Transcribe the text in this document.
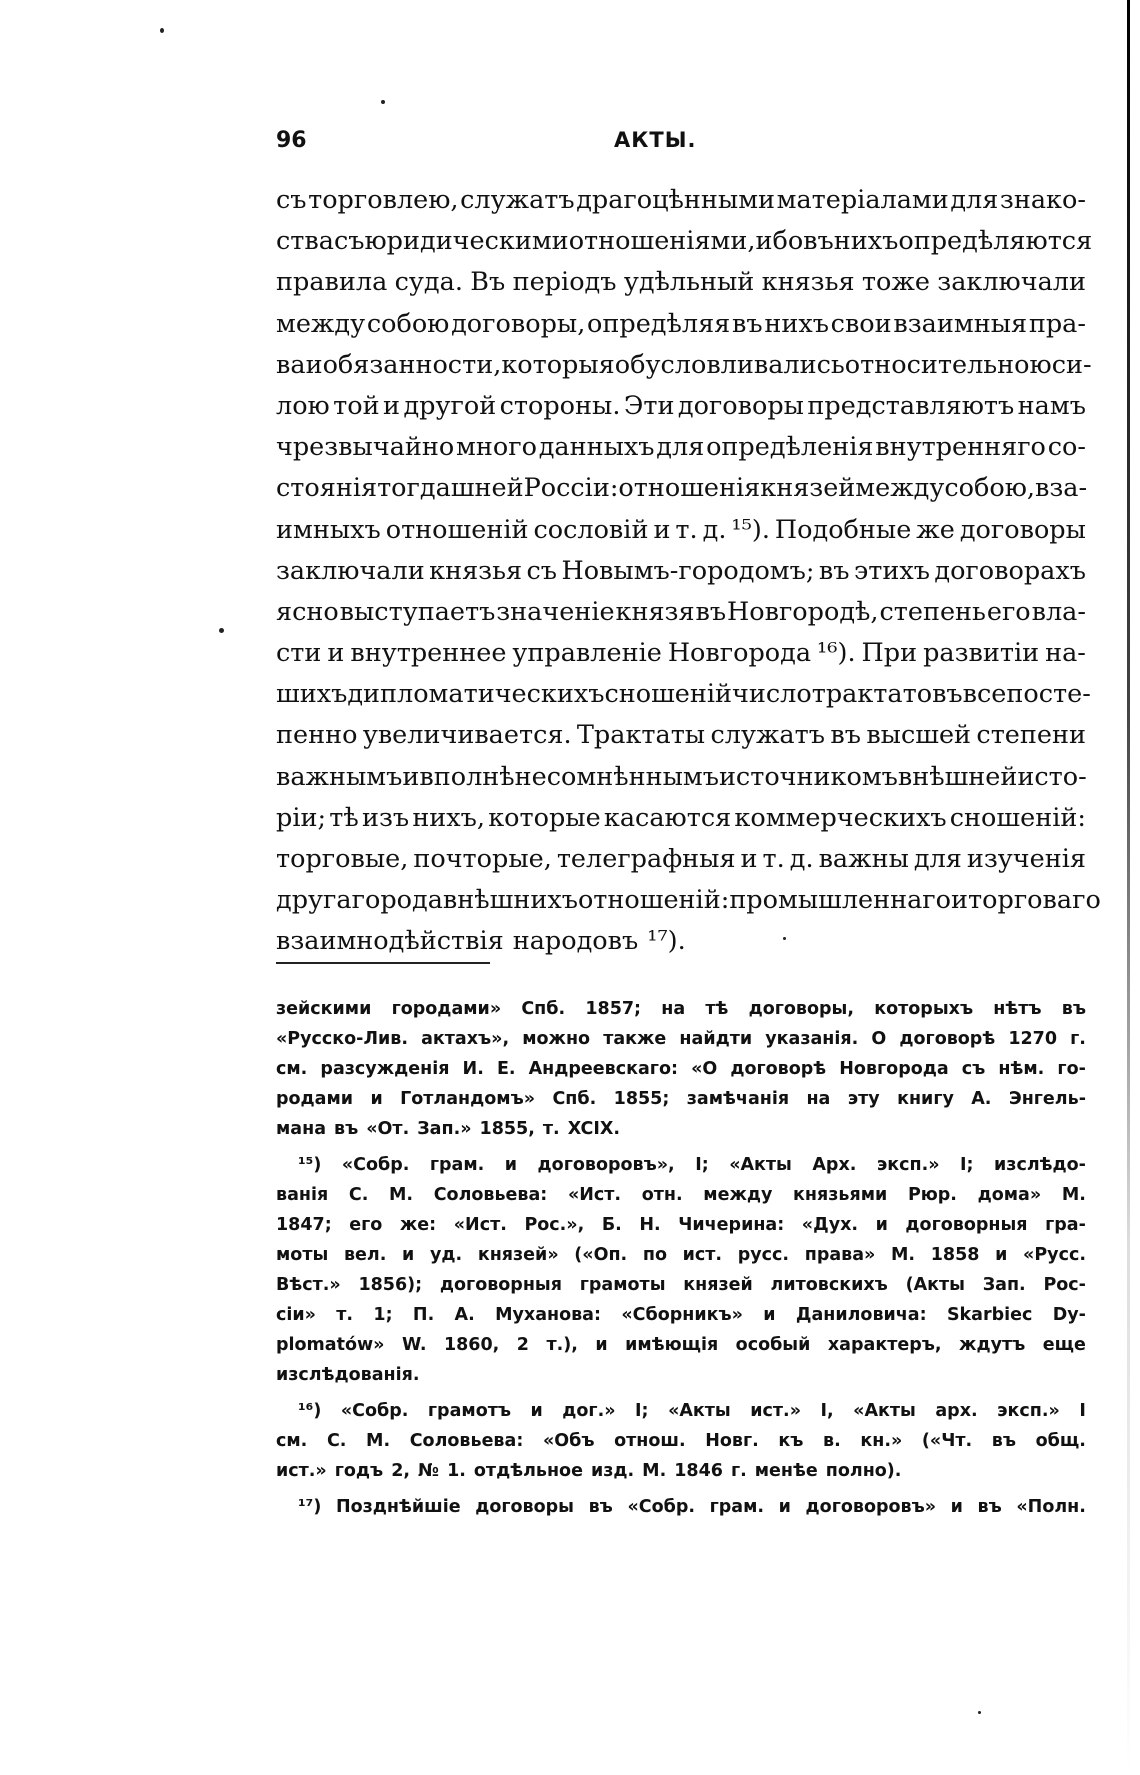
96	АКТЫ.
съ торговлею, служатъ драгоцѣнными матеріалами для знако-
ства съ юридическими отношеніями, ибо въ нихъ опредѣляются
правила суда. Въ періодъ удѣльный князья тоже заключали
между собою договоры, опредѣляя въ нихъ свои взаимныя пра-
ва и обязанности, которыя обусловливались относительною си-
лою той и другой стороны. Эти договоры представляютъ намъ
чрезвычайно много данныхъ для опредѣленія внутренняго со-
стоянія тогдашней Россіи: отношенія князей между собою, вза-
имныхъ отношеній сословій и т. д. ¹⁵). Подобные же договоры
заключали князья съ Новымъ-городомъ; въ этихъ договорахъ
ясно выступаетъ значеніе князя въ Новгородѣ, степень его вла-
сти и внутреннее управленіе Новгорода ¹⁶). При развитіи на-
шихъ дипломатическихъ сношеній число трактатовъ все посте-
пенно увеличивается. Трактаты служатъ въ высшей степени
важнымъ и вполнѣ несомнѣннымъ источникомъ внѣшней исто-
ріи; тѣ изъ нихъ, которые касаются коммерческихъ сношеній:
торговые, почторые, телеграфныя и т. д. важны для изученія
другаго рода внѣшнихъ отношеній: промышленнаго и торговаго
взаимнодѣйствія народовъ ¹⁷).
зейскими городами» Спб. 1857; на тѣ договоры, которыхъ нѣтъ въ
«Русско-Лив. актахъ», можно также найдти указанія. О договорѣ 1270 г.
см. разсужденія И. Е. Андреевскаго: «О договорѣ Новгорода съ нѣм. го-
родами и Готландомъ» Спб. 1855; замѣчанія на эту книгу А. Энгель-
мана въ «От. Зап.» 1855, т. XCIX.
¹⁵) «Собр. грам. и договоровъ», I; «Акты Арх. эксп.» I; изслѣдо-
ванія С. М. Соловьева: «Ист. отн. между князьями Рюр. дома» М.
1847; его же: «Ист. Рос.», Б. Н. Чичерина: «Дух. и договорныя гра-
моты вел. и уд. князей» («Оп. по ист. русс. права» М. 1858 и «Русс.
Вѣст.» 1856); договорныя грамоты князей литовскихъ (Акты Зап. Рос-
сіи» т. 1; П. А. Муханова: «Сборникъ» и Даниловича: Skarbiec Dy-
plomatów» W. 1860, 2 т.), и имѣющія особый характеръ, ждутъ еще
изслѣдованія.
¹⁶) «Собр. грамотъ и дог.» I; «Акты ист.» I, «Акты арх. эксп.» I
см. С. М. Соловьева: «Объ отнош. Новг. къ в. кн.» («Чт. въ общ.
ист.» годъ 2, № 1. отдѣльное изд. М. 1846 г. менѣе полно).
¹⁷) Позднѣйшіе договоры въ «Собр. грам. и договоровъ» и въ «Полн.
